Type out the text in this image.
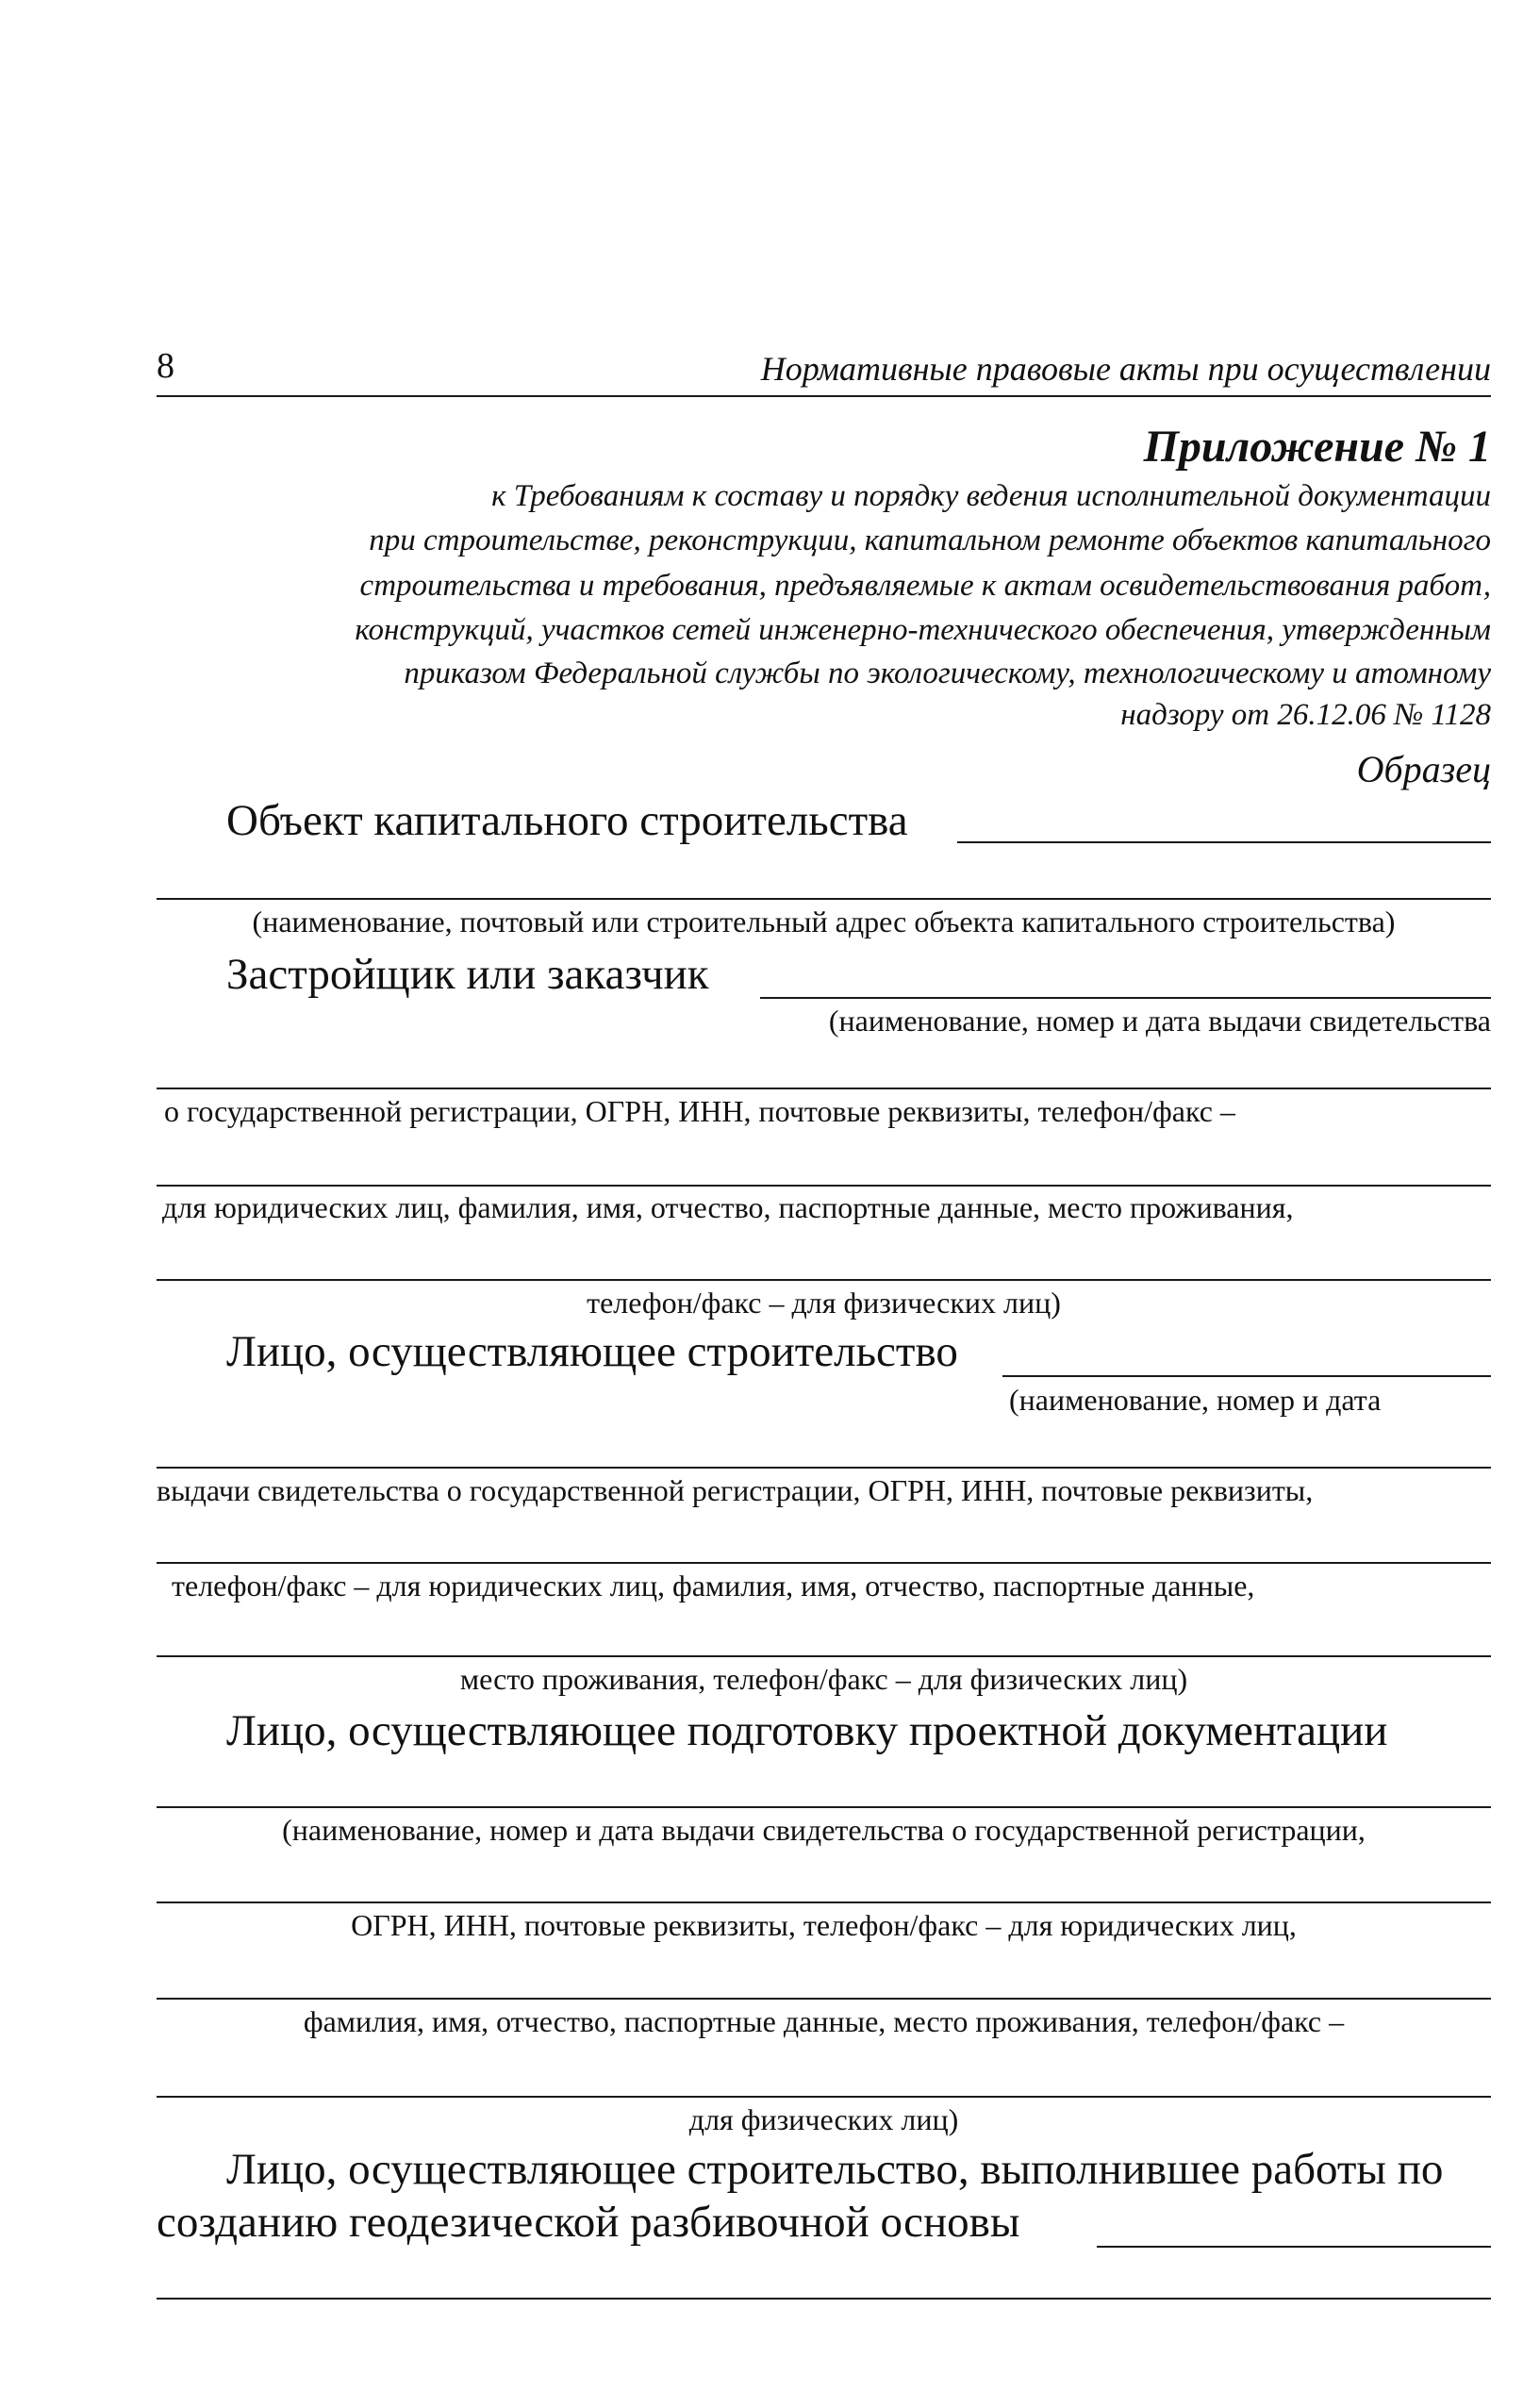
8	Нормативные правовые акты при осуществлении
Приложение № 1
к Требованиям к составу и порядку ведения исполнительной документации
при строительстве, реконструкции, капитальном ремонте объектов капитального
строительства и требования, предъявляемые к актам освидетельствования работ,
конструкций, участков сетей инженерно-технического обеспечения, утвержденным
приказом Федеральной службы по экологическому, технологическому и атомному
надзору от 26.12.06 № 1128
Образец
Объект капитального строительства
(наименование, почтовый или строительный адрес объекта капитального строительства)
Застройщик или заказчик
(наименование, номер и дата выдачи свидетельства
о государственной регистрации, ОГРН, ИНН, почтовые реквизиты, телефон/факс –
для юридических лиц, фамилия, имя, отчество, паспортные данные, место проживания,
телефон/факс – для физических лиц)
Лицо, осуществляющее строительство
(наименование, номер и дата
выдачи свидетельства о государственной регистрации, ОГРН, ИНН, почтовые реквизиты,
телефон/факс – для юридических лиц, фамилия, имя, отчество, паспортные данные,
место проживания, телефон/факс – для физических лиц)
Лицо, осуществляющее подготовку проектной документации
(наименование, номер и дата выдачи свидетельства о государственной регистрации,
ОГРН, ИНН, почтовые реквизиты, телефон/факс – для юридических лиц,
фамилия, имя, отчество, паспортные данные, место проживания, телефон/факс –
для физических лиц)
Лицо, осуществляющее строительство, выполнившее работы по
созданию геодезической разбивочной основы
